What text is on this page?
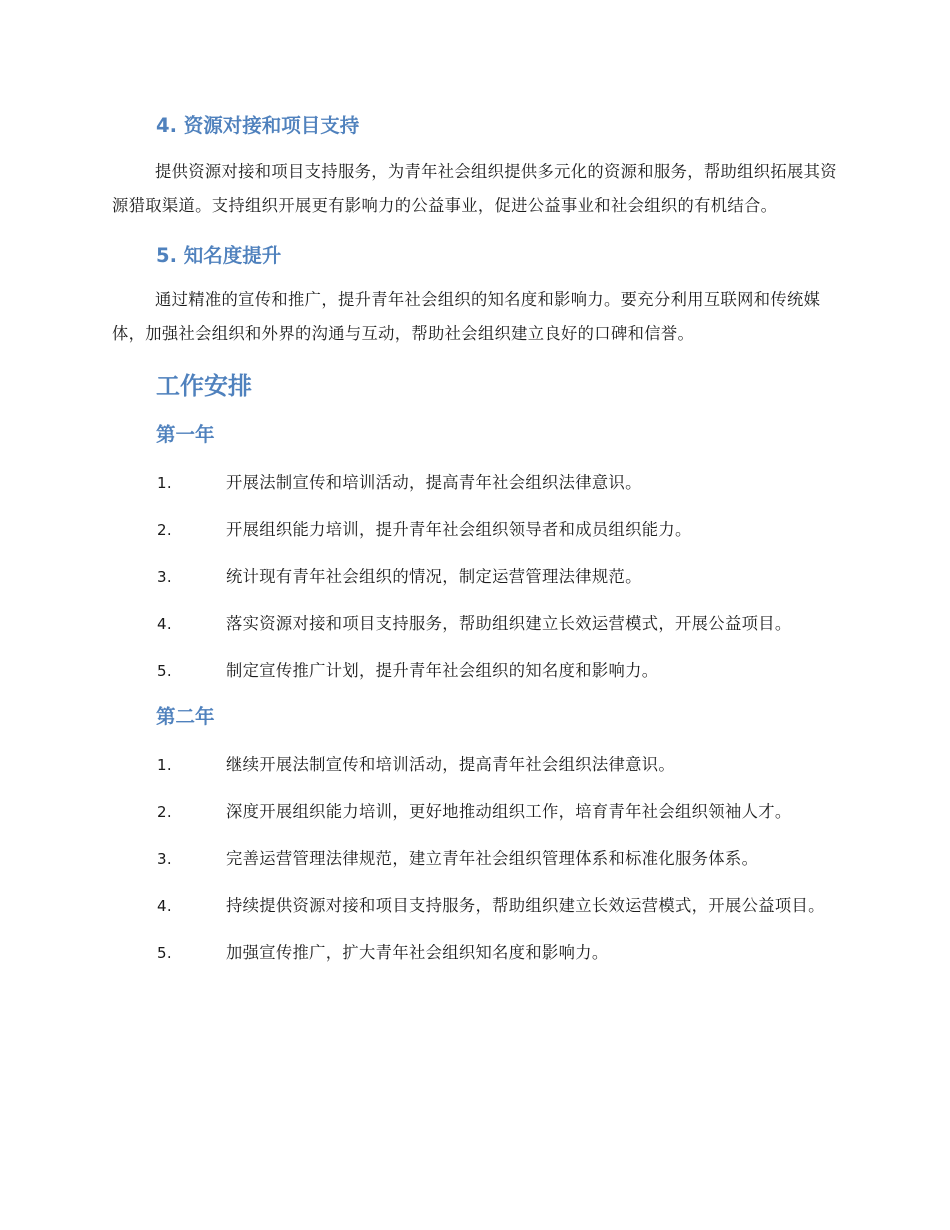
4. 资源对接和项目支持

提供资源对接和项目支持服务，为青年社会组织提供多元化的资源和服务，帮助组织拓展其资源猎取渠道。支持组织开展更有影响力的公益事业，促进公益事业和社会组织的有机结合。

5. 知名度提升

通过精准的宣传和推广，提升青年社会组织的知名度和影响力。要充分利用互联网和传统媒体，加强社会组织和外界的沟通与互动，帮助社会组织建立良好的口碑和信誉。

工作安排
第一年

1.	开展法制宣传和培训活动，提高青年社会组织法律意识。

2.	开展组织能力培训，提升青年社会组织领导者和成员组织能力。

3.	统计现有青年社会组织的情况，制定运营管理法律规范。

4.	落实资源对接和项目支持服务，帮助组织建立长效运营模式，开展公益项目。

5.	制定宣传推广计划，提升青年社会组织的知名度和影响力。

第二年

1.	继续开展法制宣传和培训活动，提高青年社会组织法律意识。

2.	深度开展组织能力培训，更好地推动组织工作，培育青年社会组织领袖人才。

3.	完善运营管理法律规范，建立青年社会组织管理体系和标准化服务体系。

4.	持续提供资源对接和项目支持服务，帮助组织建立长效运营模式，开展公益项目。

5.	加强宣传推广，扩大青年社会组织知名度和影响力。
